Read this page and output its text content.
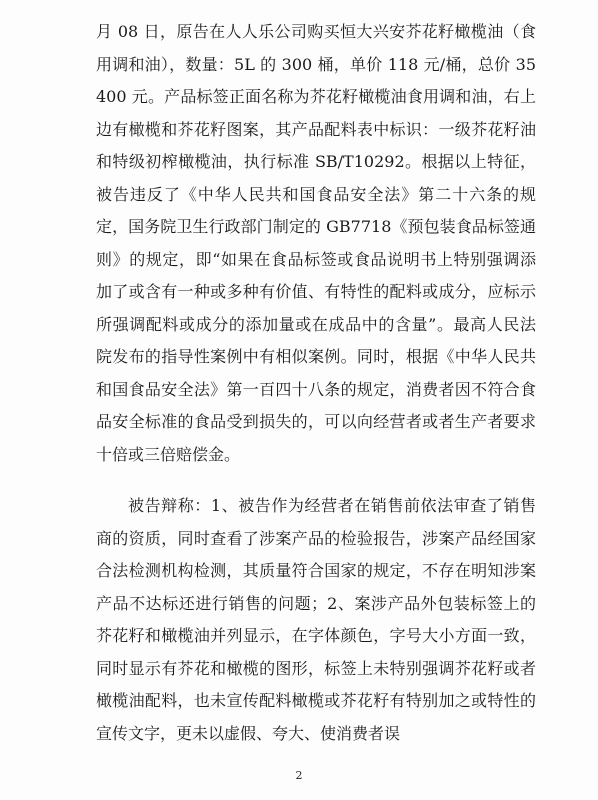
月 08 日，原告在人人乐公司购买恒大兴安芥花籽橄榄油（食用调和油），数量：5L 的 300 桶，单价 118 元/桶，总价 35400 元。产品标签正面名称为芥花籽橄榄油食用调和油，右上边有橄榄和芥花籽图案，其产品配料表中标识：一级芥花籽油和特级初榨橄榄油，执行标准 SB/T10292。根据以上特征，被告违反了《中华人民共和国食品安全法》第二十六条的规定，国务院卫生行政部门制定的 GB7718《预包装食品标签通则》的规定，即“如果在食品标签或食品说明书上特别强调添加了或含有一种或多种有价值、有特性的配料或成分，应标示所强调配料或成分的添加量或在成品中的含量”。最高人民法院发布的指导性案例中有相似案例。同时，根据《中华人民共和国食品安全法》第一百四十八条的规定，消费者因不符合食品安全标准的食品受到损失的，可以向经营者或者生产者要求十倍或三倍赔偿金。

被告辩称：1、被告作为经营者在销售前依法审查了销售商的资质，同时查看了涉案产品的检验报告，涉案产品经国家合法检测机构检测，其质量符合国家的规定，不存在明知涉案产品不达标还进行销售的问题；2、案涉产品外包装标签上的芥花籽和橄榄油并列显示，在字体颜色，字号大小方面一致，同时显示有芥花和橄榄的图形，标签上未特别强调芥花籽或者橄榄油配料，也未宣传配料橄榄或芥花籽有特别加之或特性的宣传文字，更未以虚假、夸大、使消费者误

2
